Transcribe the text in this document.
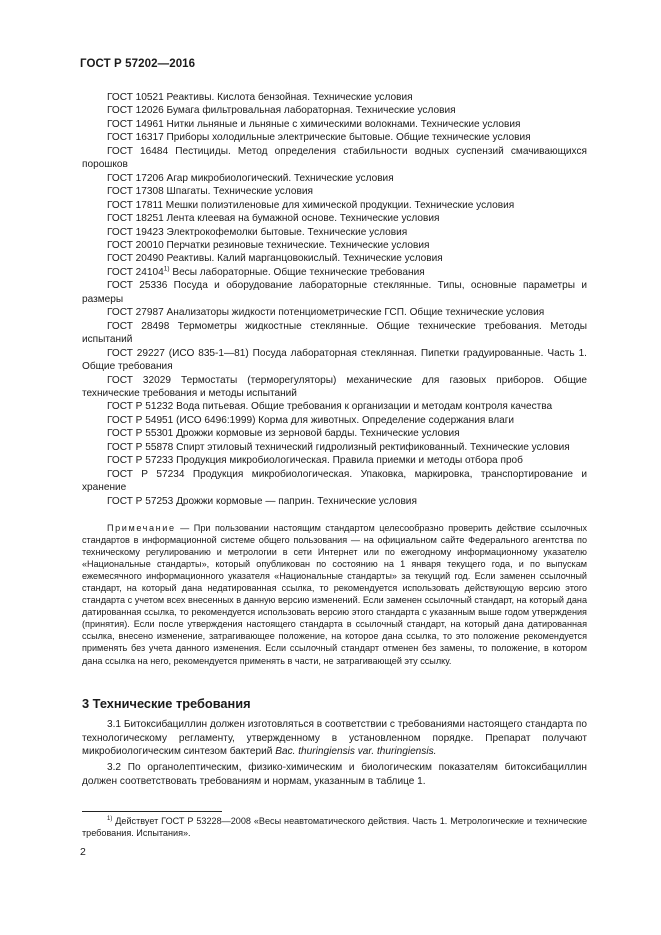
ГОСТ Р 57202—2016
ГОСТ 10521 Реактивы. Кислота бензойная. Технические условия
ГОСТ 12026 Бумага фильтровальная лабораторная. Технические условия
ГОСТ 14961 Нитки льняные и льняные с химическими волокнами. Технические условия
ГОСТ 16317 Приборы холодильные электрические бытовые. Общие технические условия
ГОСТ 16484 Пестициды. Метод определения стабильности водных суспензий смачивающихся порошков
ГОСТ 17206 Агар микробиологический. Технические условия
ГОСТ 17308 Шпагаты. Технические условия
ГОСТ 17811 Мешки полиэтиленовые для химической продукции. Технические условия
ГОСТ 18251 Лента клеевая на бумажной основе. Технические условия
ГОСТ 19423 Электрокофемолки бытовые. Технические условия
ГОСТ 20010 Перчатки резиновые технические. Технические условия
ГОСТ 20490 Реактивы. Калий марганцовокислый. Технические условия
ГОСТ 24104$^{1)}$ Весы лабораторные. Общие технические требования
ГОСТ 25336 Посуда и оборудование лабораторные стеклянные. Типы, основные параметры и размеры
ГОСТ 27987 Анализаторы жидкости потенциометрические ГСП. Общие технические условия
ГОСТ 28498 Термометры жидкостные стеклянные. Общие технические требования. Методы испытаний
ГОСТ 29227 (ИСО 835-1—81) Посуда лабораторная стеклянная. Пипетки градуированные. Часть 1. Общие требования
ГОСТ 32029 Термостаты (терморегуляторы) механические для газовых приборов. Общие технические требования и методы испытаний
ГОСТ Р 51232 Вода питьевая. Общие требования к организации и методам контроля качества
ГОСТ Р 54951 (ИСО 6496:1999) Корма для животных. Определение содержания влаги
ГОСТ Р 55301 Дрожжи кормовые из зерновой барды. Технические условия
ГОСТ Р 55878 Спирт этиловый технический гидролизный ректификованный. Технические условия
ГОСТ Р 57233 Продукция микробиологическая. Правила приемки и методы отбора проб
ГОСТ Р 57234 Продукция микробиологическая. Упаковка, маркировка, транспортирование и хранение
ГОСТ Р 57253 Дрожжи кормовые — паприн. Технические условия
Примечание — При пользовании настоящим стандартом целесообразно проверить действие ссылочных стандартов в информационной системе общего пользования — на официальном сайте Федерального агентства по техническому регулированию и метрологии в сети Интернет или по ежегодному информационному указателю «Национальные стандарты», который опубликован по состоянию на 1 января текущего года, и по выпускам ежемесячного информационного указателя «Национальные стандарты» за текущий год. Если заменен ссылочный стандарт, на который дана недатированная ссылка, то рекомендуется использовать действующую версию этого стандарта с учетом всех внесенных в данную версию изменений. Если заменен ссылочный стандарт, на который дана датированная ссылка, то рекомендуется использовать версию этого стандарта с указанным выше годом утверждения (принятия). Если после утверждения настоящего стандарта в ссылочный стандарт, на который дана датированная ссылка, внесено изменение, затрагивающее положение, на которое дана ссылка, то это положение рекомендуется применять без учета данного изменения. Если ссылочный стандарт отменен без замены, то положение, в котором дана ссылка на него, рекомендуется применять в части, не затрагивающей эту ссылку.
3 Технические требования
3.1 Битоксибациллин должен изготовляться в соответствии с требованиями настоящего стандарта по технологическому регламенту, утвержденному в установленном порядке. Препарат получают микробиологическим синтезом бактерий Bac. thuringiensis var. thuringiensis.
3.2 По органолептическим, физико-химическим и биологическим показателям битоксибациллин должен соответствовать требованиям и нормам, указанным в таблице 1.
$^{1)}$ Действует ГОСТ Р 53228—2008 «Весы неавтоматического действия. Часть 1. Метрологические и технические требования. Испытания».
2
